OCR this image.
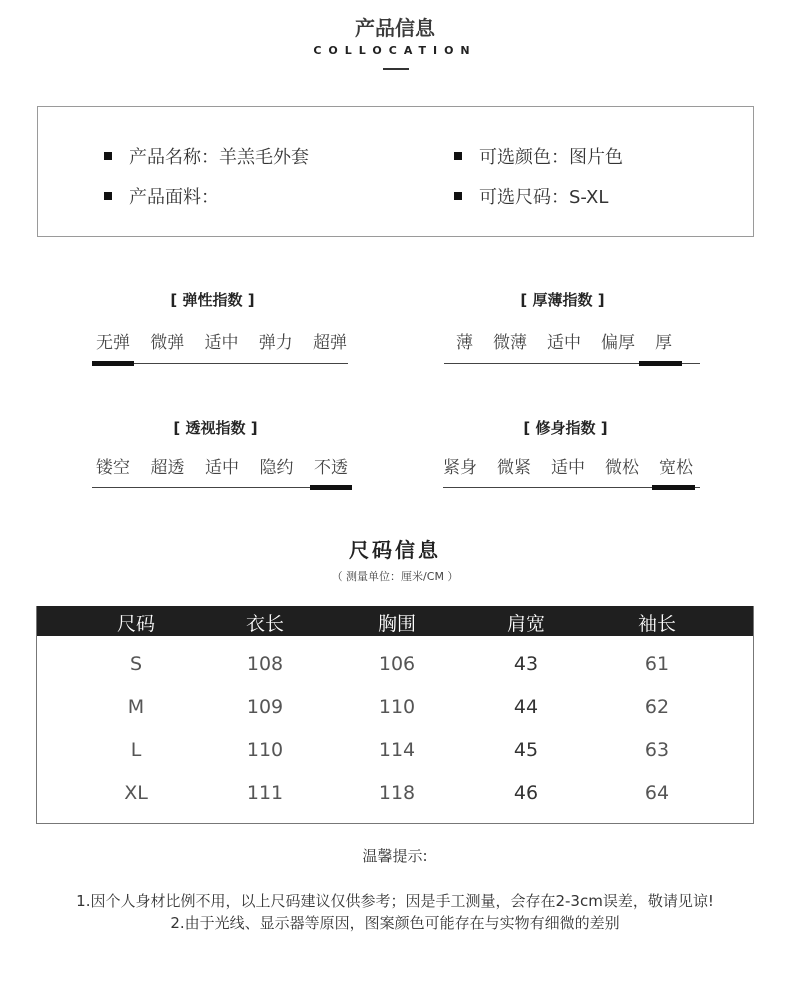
产品信息
COLLOCATION
产品名称：羊羔毛外套
产品面料：
可选颜色：图片色
可选尺码：S-XL
[ 弹性指数 ]
无弹 微弹 适中 弹力 超弹
[ 厚薄指数 ]
薄 微薄 适中 偏厚 厚
[ 透视指数 ]
镂空 超透 适中 隐约 不透
[ 修身指数 ]
紧身 微紧 适中 微松 宽松
尺码信息
（ 测量单位：厘米/CM ）
尺码	衣长	胸围	肩宽	袖长
S	108	106	43	61
M	109	110	44	62
L	110	114	45	63
XL	111	118	46	64
温馨提示:
1.因个人身材比例不用，以上尺码建议仅供参考；因是手工测量，会存在2-3cm误差，敬请见谅!
2.由于光线、显示器等原因，图案颜色可能存在与实物有细微的差别
